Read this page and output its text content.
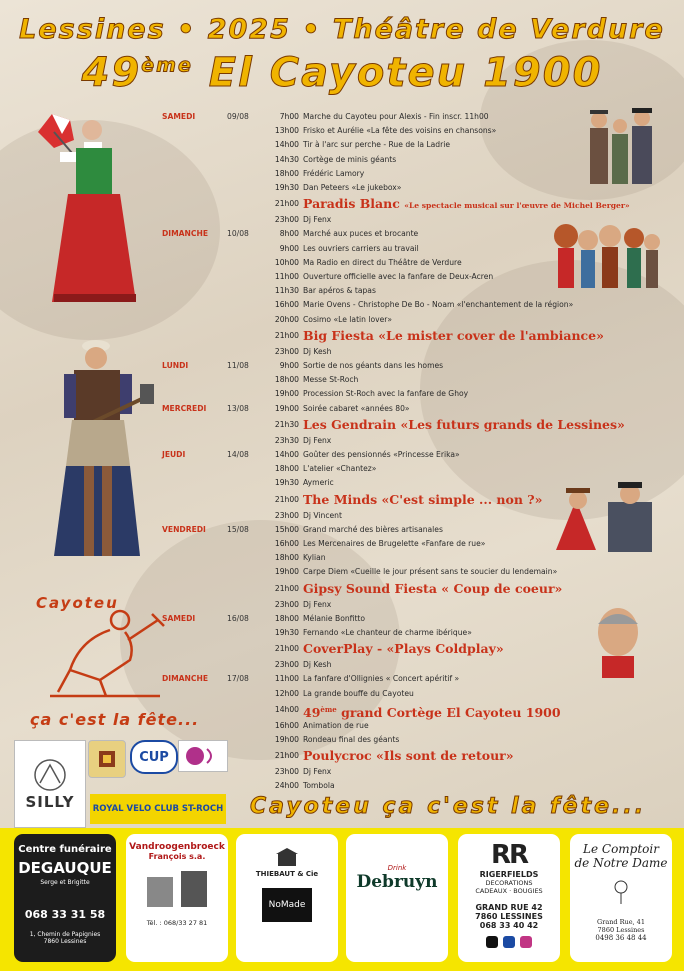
Lessines • 2025 • Théâtre de Verdure
49ème El Cayoteu 1900
Cayoteu
ça c'est la fête...
SILLY
CUP
ROYAL VELO CLUB ST-ROCH
SAMEDI	09/08	7h00 Marche du Cayoteu pour Alexis - Fin inscr. 11h00
13h00 Frisko et Aurélie «La fête des voisins en chansons»
14h00 Tir à l'arc sur perche - Rue de la Ladrie
14h30 Cortège de minis géants
18h00 Frédéric Lamory
19h30 Dan Peteers «Le jukebox»
21h00 Paradis Blanc «Le spectacle musical sur l'œuvre de Michel Berger»
23h00 Dj Fenx
DIMANCHE	10/08	8h00 Marché aux puces et brocante
9h00 Les ouvriers carriers au travail
10h00 Ma Radio en direct du Théâtre de Verdure
11h00 Ouverture officielle avec la fanfare de Deux-Acren
11h30 Bar apéros & tapas
16h00 Marie Ovens - Christophe De Bo - Noam «l'enchantement de la région»
20h00 Cosimo «Le latin lover»
21h00 Big Fiesta «Le mister cover de l'ambiance»
23h00 Dj Kesh
LUNDI	11/08	9h00 Sortie de nos géants dans les homes
18h00 Messe St-Roch
19h00 Procession St-Roch avec la fanfare de Ghoy
MERCREDI	13/08	19h00 Soirée cabaret «années 80»
21h30 Les Gendrain «Les futurs grands de Lessines»
23h30 Dj Fenx
JEUDI	14/08	14h00 Goûter des pensionnés «Princesse Erika»
18h00 L'atelier «Chantez»
19h30 Aymeric
21h00 The Minds «C'est simple ... non ?»
23h00 Dj Vincent
VENDREDI	15/08	15h00 Grand marché des bières artisanales
16h00 Les Mercenaires de Brugelette «Fanfare de rue»
18h00 Kylian
19h00 Carpe Diem «Cueille le jour présent sans te soucier du lendemain»
21h00 Gipsy Sound Fiesta « Coup de coeur»
23h00 Dj Fenx
SAMEDI	16/08	18h00 Mélanie Bonfitto
19h30 Fernando «Le chanteur de charme ibérique»
21h00 CoverPlay - «Plays Coldplay»
23h00 Dj Kesh
DIMANCHE	17/08	11h00 La fanfare d'Ollignies « Concert apéritif »
12h00 La grande bouffe du Cayoteu
14h00 49ème grand Cortège El Cayoteu 1900
16h00 Animation de rue
19h00 Rondeau final des géants
21h00 Poulycroc «Ils sont de retour»
23h00 Dj Fenx
24h00 Tombola
Cayoteu ça c'est la fête...
Centre funéraire
DEGAUQUE
Serge et Brigitte
068 33 31 58
1, Chemin de Papignies
7860 Lessines
Vandroogenbroeck
François s.a.
Tél. : 068/33 27 81
THIEBAUT & Cie
NoMade
Drink
Debruyn
RR
RIGERFIELDS
DECORATIONS
CADEAUX · BOUGIES
GRAND RUE 42
7860 LESSINES
068 33 40 42

Le Comptoir
de Notre Dame
Grand Rue, 41
7860 Lessines
0498 36 48 44
